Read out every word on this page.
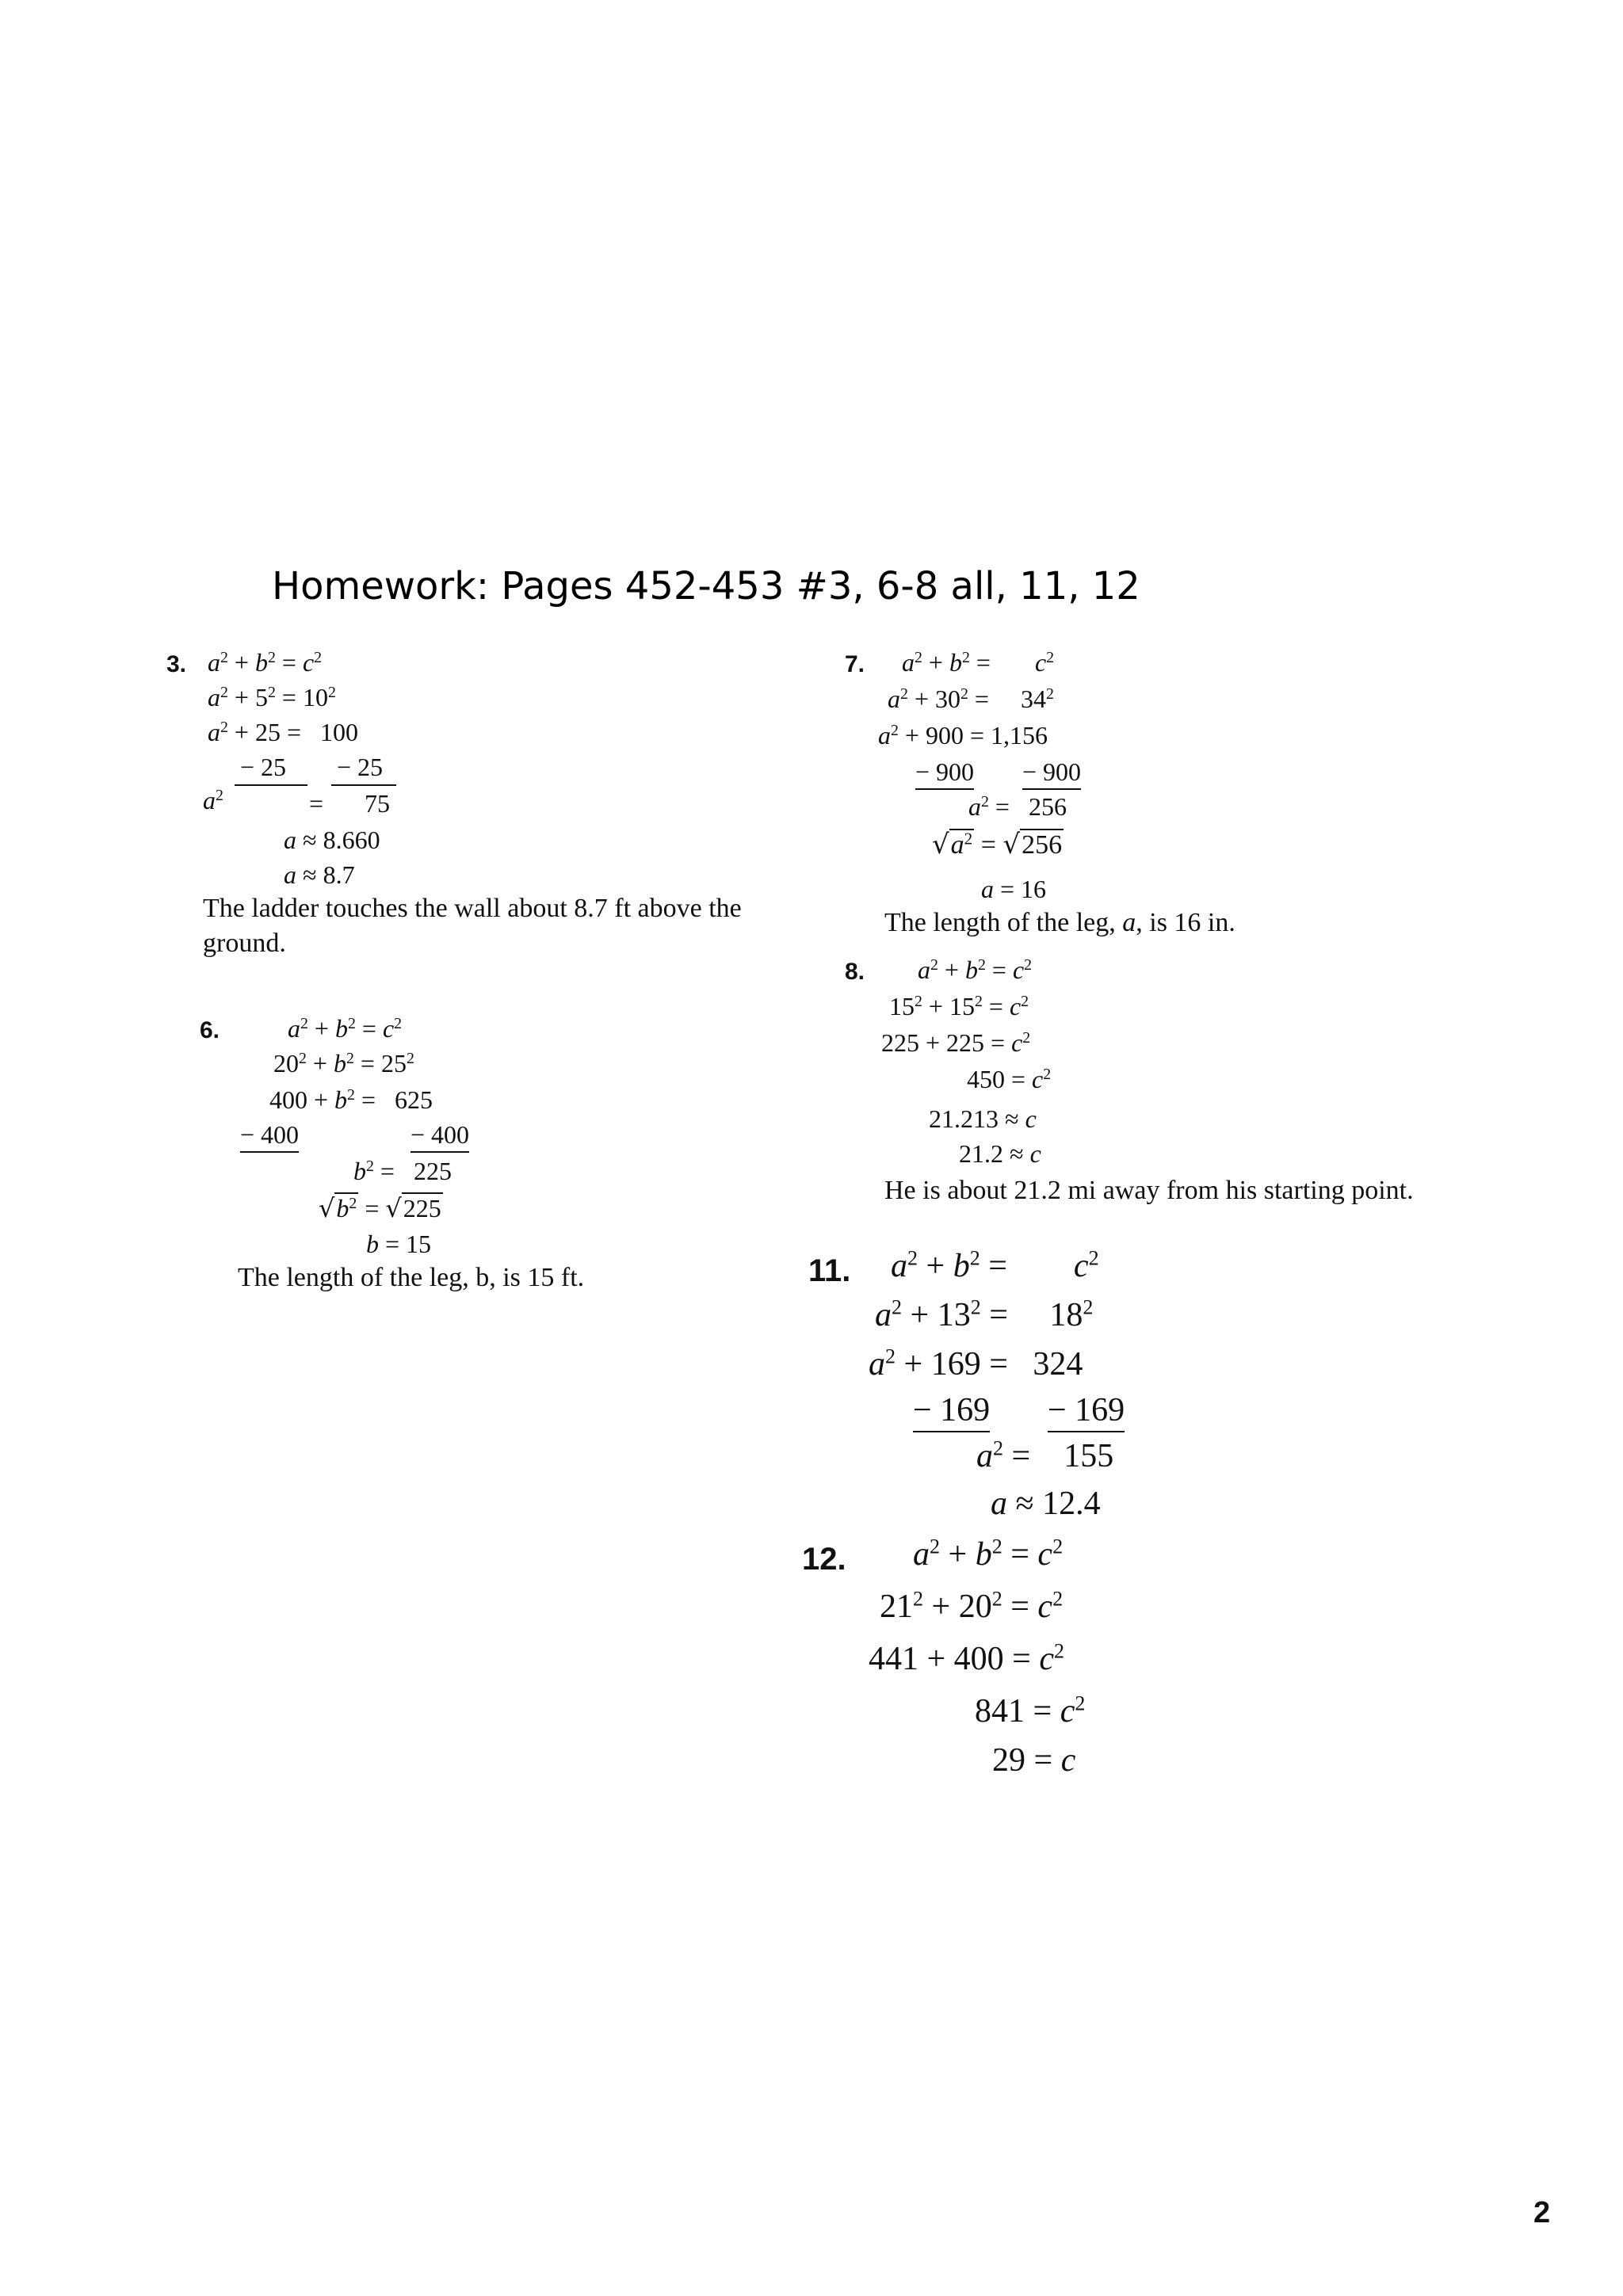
Homework: Pages 452-453 #3, 6-8 all, 11, 12
3. $a^2 + b^2 = c^2$
$a^2 + 5^2 = 10^2$
$a^2 + 25 = 100$
− 25 − 25
$a^2$	= 75
a ≈ 8.660
a ≈ 8.7
The ladder touches the wall about 8.7 ft above the
ground.
6.	$a^2 + b^2 = c^2$
$20^2 + b^2 = 25^2$
$400 + b^2 = 625$
− 400	− 400
$b^2 = 225$
$√b^2 = √225$
b = 15
The length of the leg, b, is 15 ft.
7. $a^2 + b^2$ =       $c^2$
$a^2 + 30^2$ =     $34^2$
$a^2 + 900 = 1,156$
− 900 − 900
$a^2 = 256$
$√a^2 = √256$
a = 16
The length of the leg, a, is 16 in.
8. $a^2 + b^2 = c^2$
$15^2 + 15^2 = c^2$
$225 + 225 = c^2$
$450 = c^2$
21.213 ≈ c
21.2 ≈ c
He is about 21.2 mi away from his starting point.
11. $a^2 + b^2$ =        $c^2$
$a^2 + 13^2$ =     $18^2$
$a^2 + 169 = 324$
− 169 − 169
$a^2$ =    155
a ≈ 12.4
12. $a^2 + b^2 = c^2$
$21^2 + 20^2 = c^2$
$441 + 400 = c^2$
$841 = c^2$
29 = c
2
